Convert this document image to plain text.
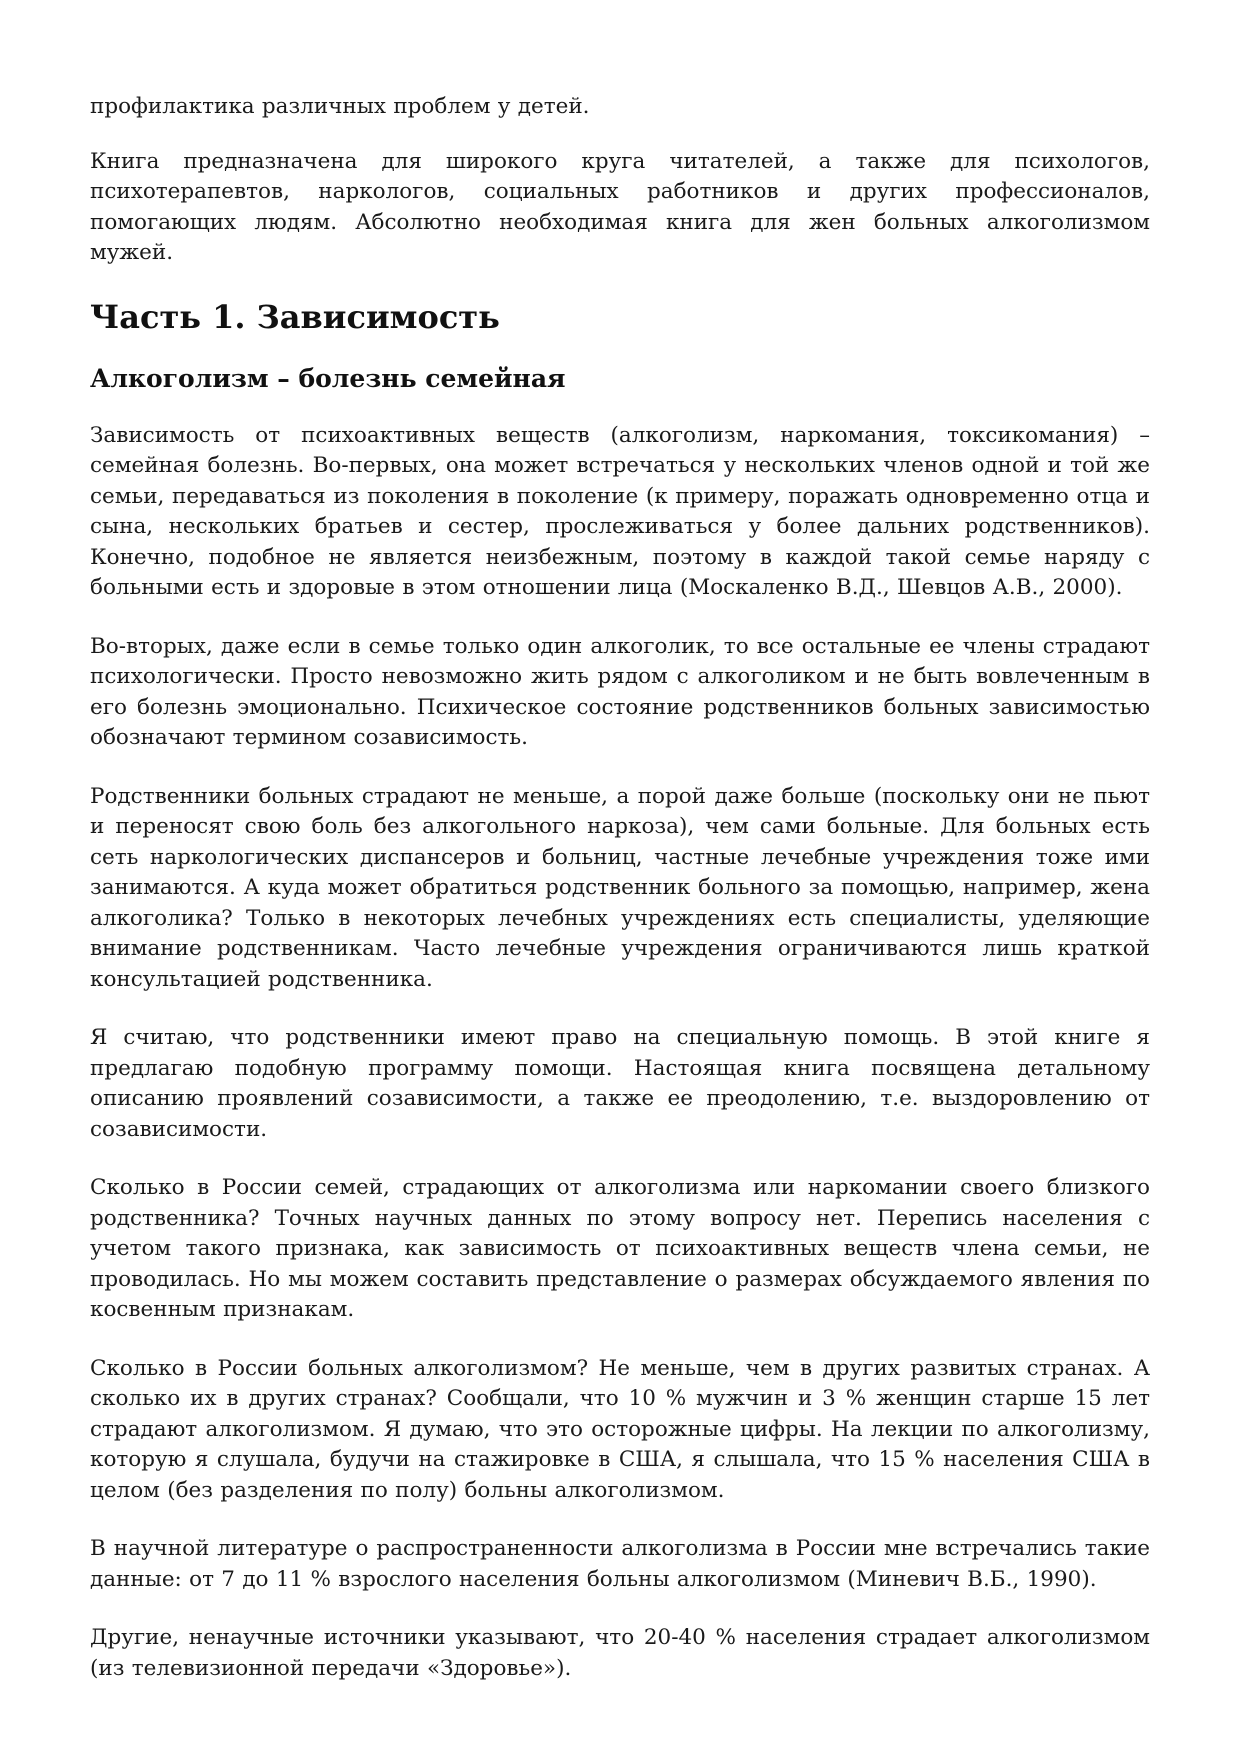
профилактика различных проблем у детей.

Книга предназначена для широкого круга читателей, а также для психологов, психотерапевтов, наркологов, социальных работников и других профессионалов, помогающих людям. Абсолютно необходимая книга для жен больных алкоголизмом мужей.

Часть 1. Зависимость
Алкоголизм – болезнь семейная

Зависимость от психоактивных веществ (алкоголизм, наркомания, токсикомания) – семейная болезнь. Во-первых, она может встречаться у нескольких членов одной и той же семьи, передаваться из поколения в поколение (к примеру, поражать одновременно отца и сына, нескольких братьев и сестер, прослеживаться у более дальних родственников). Конечно, подобное не является неизбежным, поэтому в каждой такой семье наряду с больными есть и здоровые в этом отношении лица (Москаленко В.Д., Шевцов А.В., 2000).

Во-вторых, даже если в семье только один алкоголик, то все остальные ее члены страдают психологически. Просто невозможно жить рядом с алкоголиком и не быть вовлеченным в его болезнь эмоционально. Психическое состояние родственников больных зависимостью обозначают термином созависимость.

Родственники больных страдают не меньше, а порой даже больше (поскольку они не пьют и переносят свою боль без алкогольного наркоза), чем сами больные. Для больных есть сеть наркологических диспансеров и больниц, частные лечебные учреждения тоже ими занимаются. А куда может обратиться родственник больного за помощью, например, жена алкоголика? Только в некоторых лечебных учреждениях есть специалисты, уделяющие внимание родственникам. Часто лечебные учреждения ограничиваются лишь краткой консультацией родственника.

Я считаю, что родственники имеют право на специальную помощь. В этой книге я предлагаю подобную программу помощи. Настоящая книга посвящена детальному описанию проявлений созависимости, а также ее преодолению, т.е. выздоровлению от созависимости.

Сколько в России семей, страдающих от алкоголизма или наркомании своего близкого родственника? Точных научных данных по этому вопросу нет. Перепись населения с учетом такого признака, как зависимость от психоактивных веществ члена семьи, не проводилась. Но мы можем составить представление о размерах обсуждаемого явления по косвенным признакам.

Сколько в России больных алкоголизмом? Не меньше, чем в других развитых странах. А сколько их в других странах? Сообщали, что 10 % мужчин и 3 % женщин старше 15 лет страдают алкоголизмом. Я думаю, что это осторожные цифры. На лекции по алкоголизму, которую я слушала, будучи на стажировке в США, я слышала, что 15 % населения США в целом (без разделения по полу) больны алкоголизмом.

В научной литературе о распространенности алкоголизма в России мне встречались такие данные: от 7 до 11 % взрослого населения больны алкоголизмом (Миневич В.Б., 1990).

Другие, ненаучные источники указывают, что 20-40 % населения страдает алкоголизмом (из телевизионной передачи «Здоровье»).
